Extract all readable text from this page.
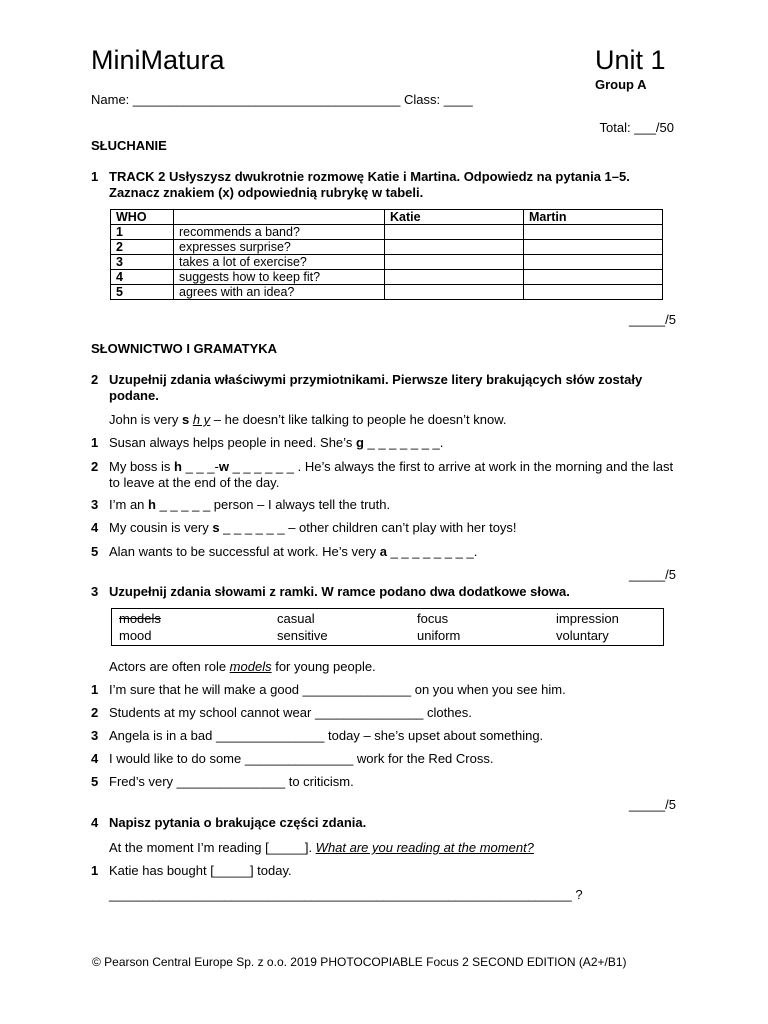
MiniMatura	Unit 1
Group A
Name: _____________________________________ Class: ____
Total: ___/50
SŁUCHANIE
1 TRACK 2 Usłyszysz dwukrotnie rozmowę Katie i Martina. Odpowiedz na pytania 1–5. Zaznacz znakiem (x) odpowiednią rubrykę w tabeli.
WHO		Katie	Martin
1	recommends a band?		
2	expresses surprise?		
3	takes a lot of exercise?		
4	suggests how to keep fit?		
5	agrees with an idea?		
_____/5
SŁOWNICTWO I GRAMATYKA
2 Uzupełnij zdania właściwymi przymiotnikami. Pierwsze litery brakujących słów zostały podane.
John is very s h y – he doesn’t like talking to people he doesn’t know.
1 Susan always helps people in need. She’s g _ _ _ _ _ _ _.
2 My boss is h _ _ _-w _ _ _ _ _ _ . He’s always the first to arrive at work in the morning and the last to leave at the end of the day.
3 I’m an h _ _ _ _ _ person – I always tell the truth.
4 My cousin is very s _ _ _ _ _ _ – other children can’t play with her toys!
5 Alan wants to be successful at work. He’s very a _ _ _ _ _ _ _ _.
_____/5
3 Uzupełnij zdania słowami z ramki. W ramce podano dwa dodatkowe słowa.
models	casual	focus	impression
mood	sensitive	uniform	voluntary
Actors are often role models for young people.
1 I’m sure that he will make a good _______________ on you when you see him.
2 Students at my school cannot wear _______________ clothes.
3 Angela is in a bad _______________ today – she’s upset about something.
4 I would like to do some _______________ work for the Red Cross.
5 Fred’s very _______________ to criticism.
_____/5
4 Napisz pytania o brakujące części zdania.
At the moment I’m reading [_____]. What are you reading at the moment?
1 Katie has bought [_____] today.
________________________________________________________________ ?
© Pearson Central Europe Sp. z o.o. 2019 PHOTOCOPIABLE Focus 2 SECOND EDITION (A2+/B1)
